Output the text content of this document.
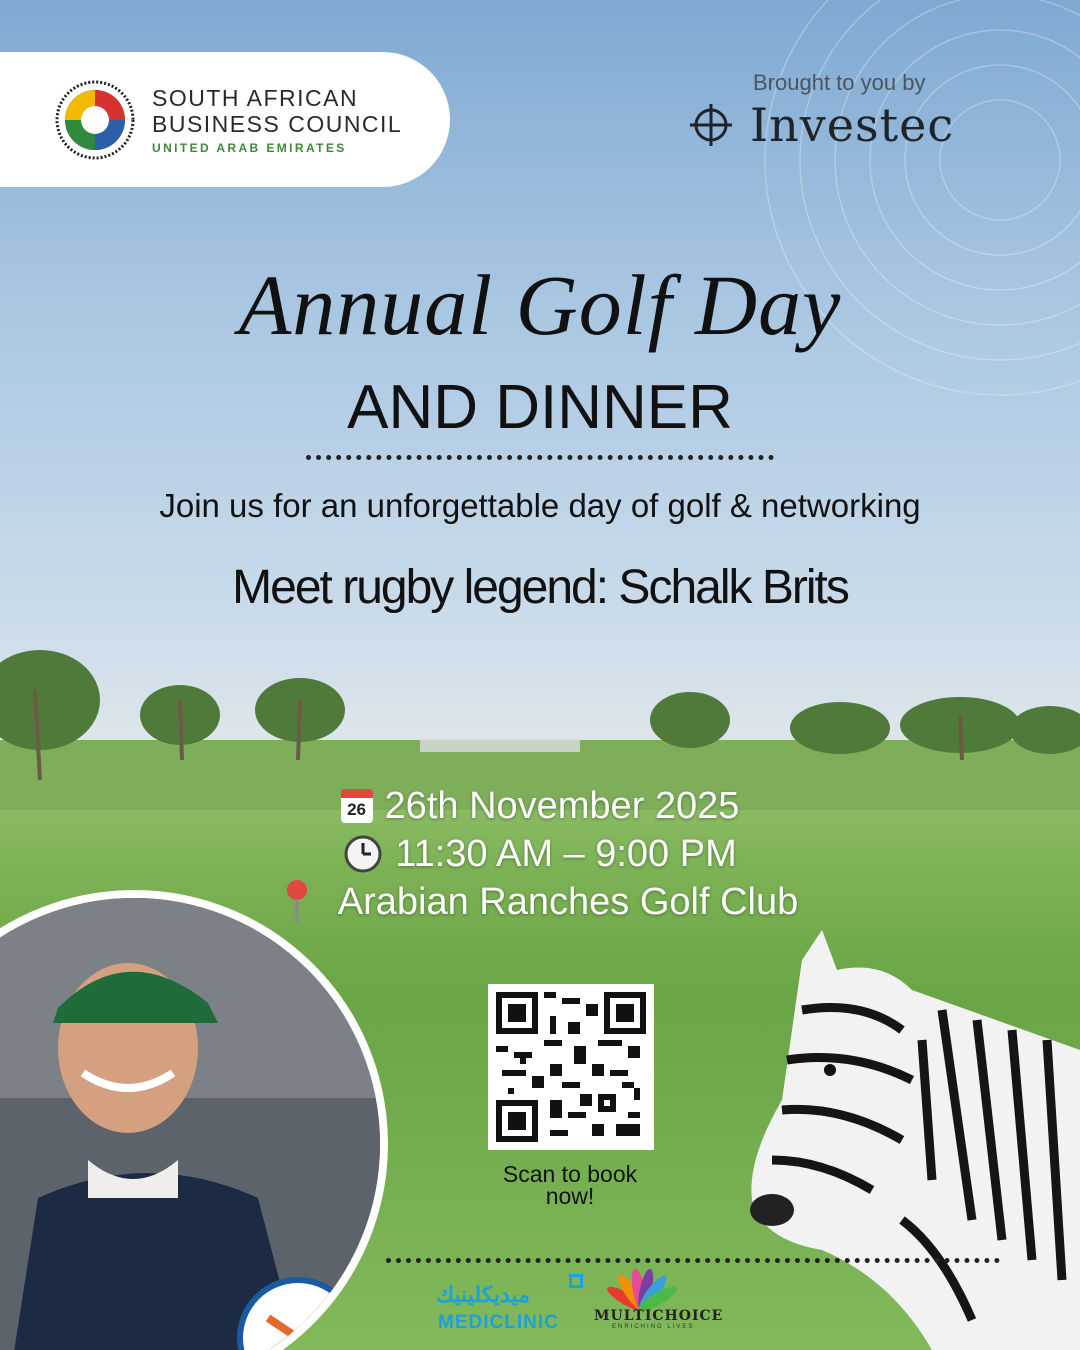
SOUTH AFRICAN
BUSINESS COUNCIL
UNITED ARAB EMIRATES
Brought to you by
Investec
Annual Golf Day
AND DINNER
Join us for an unforgettable day of golf & networking
Meet rugby legend: Schalk Brits
26 26th November 2025
11:30 AM – 9:00 PM
Arabian Ranches Golf Club
Scan to book
now!
ميديكلينيك
MEDICLINIC	MULTICHOICE
ENRICHING LIVES
